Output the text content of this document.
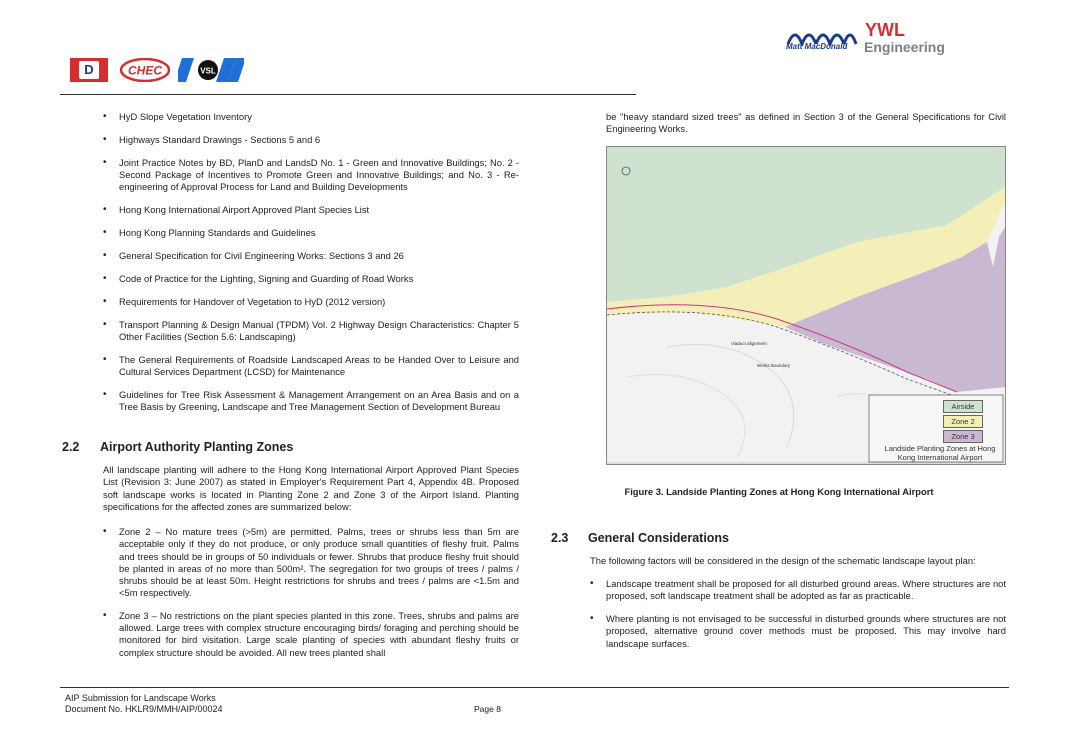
D	CHEC	VSL
Matt MacDonald
YWL
Engineering
• HyD Slope Vegetation Inventory
• Highways Standard Drawings - Sections 5 and 6
• Joint Practice Notes by BD, PlanD and LandsD No. 1 - Green and Innovative Buildings; No. 2 - Second Package of Incentives to Promote Green and Innovative Buildings; and No. 3 - Re-engineering of Approval Process for Land and Building Developments
• Hong Kong International Airport Approved Plant Species List
• Hong Kong Planning Standards and Guidelines
• General Specification for Civil Engineering Works: Sections 3 and 26
• Code of Practice for the Lighting, Signing and Guarding of Road Works
• Requirements for Handover of Vegetation to HyD (2012 version)
• Transport Planning & Design Manual (TPDM) Vol. 2 Highway Design Characteristics: Chapter 5 Other Facilities (Section 5.6: Landscaping)
• The General Requirements of Roadside Landscaped Areas to be Handed Over to Leisure and Cultural Services Department (LCSD) for Maintenance
• Guidelines for Tree Risk Assessment & Management Arrangement on an Area Basis and on a Tree Basis by Greening, Landscape and Tree Management Section of Development Bureau
2.2 Airport Authority Planting Zones
All landscape planting will adhere to the Hong Kong International Airport Approved Plant Species List (Revision 3: June 2007) as stated in Employer's Requirement Part 4, Appendix 4B. Proposed soft landscape works is located in Planting Zone 2 and Zone 3 of the Airport Island. Planting specifications for the affected zones are summarized below:
• Zone 2 – No mature trees (>5m) are permitted. Palms, trees or shrubs less than 5m are acceptable only if they do not produce, or only produce small quantities of fleshy fruit. Palms and trees should be in groups of 50 individuals or fewer. Shrubs that produce fleshy fruit should be planted in areas of no more than 500m². The segregation for two groups of trees / palms / shrubs should be at least 50m. Height restrictions for shrubs and trees / palms are <1.5m and <5m respectively.
• Zone 3 – No restrictions on the plant species planted in this zone. Trees, shrubs and palms are allowed. Large trees with complex structure encouraging birds/ foraging and perching should be monitored for bird visitation. Large scale planting of species with abundant fleshy fruits or complex structure should be avoided. All new trees planted shall
be "heavy standard sized trees" as defined in Section 3 of the General Specifications for Civil Engineering Works.
Airside
Zone 2
Zone 3
Landside Planting Zones at Hong Kong International Airport
Viaduct alignment
Works Boundary
Figure 3. Landside Planting Zones at Hong Kong International Airport
2.3 General Considerations
The following factors will be considered in the design of the schematic landscape layout plan:
• Landscape treatment shall be proposed for all disturbed ground areas. Where structures are not proposed, soft landscape treatment shall be adopted as far as practicable.
• Where planting is not envisaged to be successful in disturbed grounds where structures are not proposed, alternative ground cover methods must be proposed. This may involve hard landscape surfaces.
AIP Submission for Landscape Works
Document No. HKLR9/MMH/AIP/00024	Page 8
